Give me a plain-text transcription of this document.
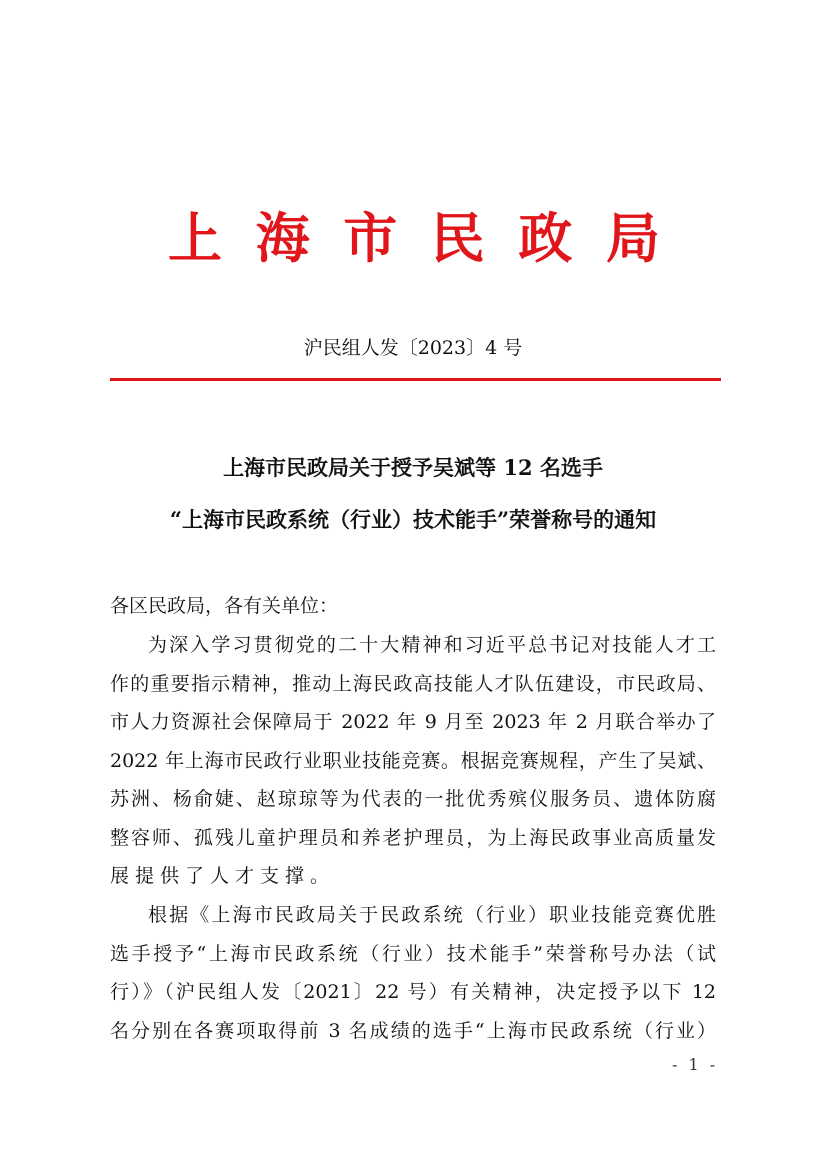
上海市民政局
沪民组人发〔2023〕4 号
上海市民政局关于授予吴斌等 12 名选手
“上海市民政系统（行业）技术能手”荣誉称号的通知
各区民政局，各有关单位：
为深入学习贯彻党的二十大精神和习近平总书记对技能人才工
作的重要指示精神，推动上海民政高技能人才队伍建设，市民政局、
市人力资源社会保障局于 2022 年 9 月至 2023 年 2 月联合举办了
2022 年上海市民政行业职业技能竞赛。根据竞赛规程，产生了吴斌、
苏洲、杨俞婕、赵琼琼等为代表的一批优秀殡仪服务员、遗体防腐
整容师、孤残儿童护理员和养老护理员，为上海民政事业高质量发
展提供了人才支撑。
根据《上海市民政局关于民政系统（行业）职业技能竞赛优胜
选手授予“上海市民政系统（行业）技术能手”荣誉称号办法（试
行）》（沪民组人发〔2021〕22 号）有关精神，决定授予以下 12
名分别在各赛项取得前 3 名成绩的选手“上海市民政系统（行业）
- 1 -
